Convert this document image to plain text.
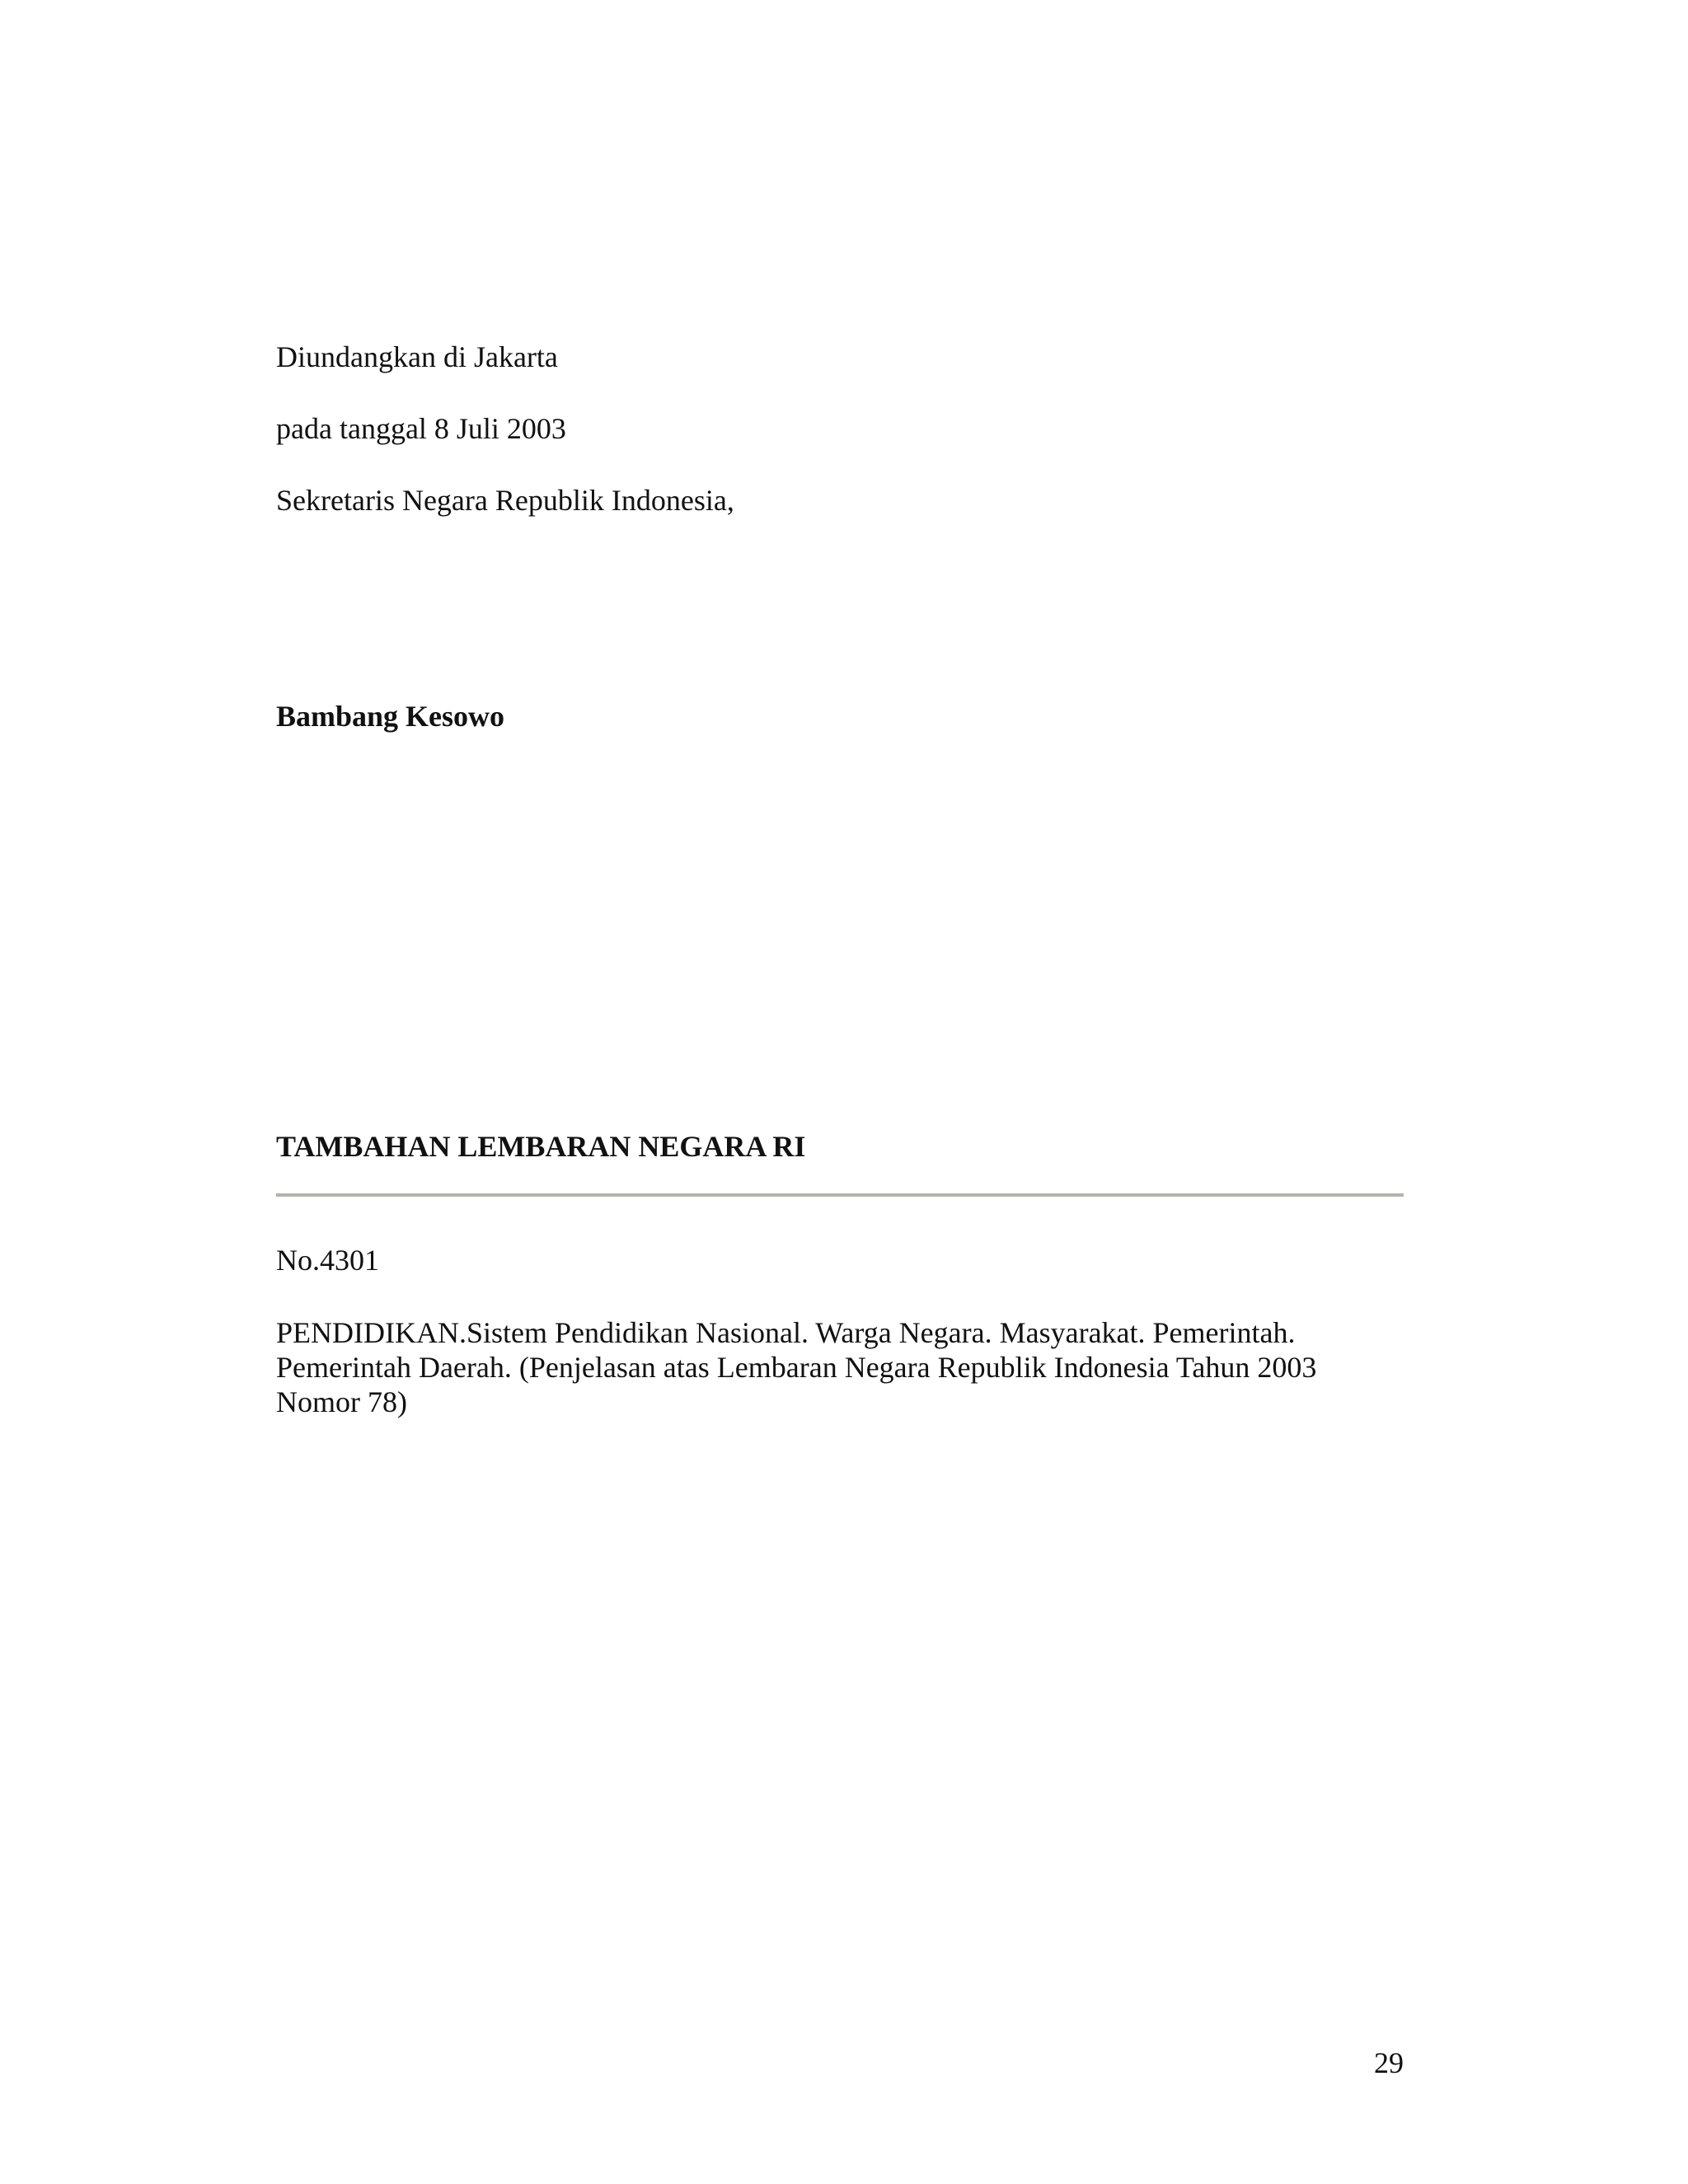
Diundangkan di Jakarta

pada tanggal 8 Juli 2003

Sekretaris Negara Republik Indonesia,

Bambang Kesowo

TAMBAHAN LEMBARAN NEGARA RI

No.4301

PENDIDIKAN.Sistem Pendidikan Nasional. Warga Negara. Masyarakat. Pemerintah.
Pemerintah Daerah. (Penjelasan atas Lembaran Negara Republik Indonesia Tahun 2003
Nomor 78)

29
